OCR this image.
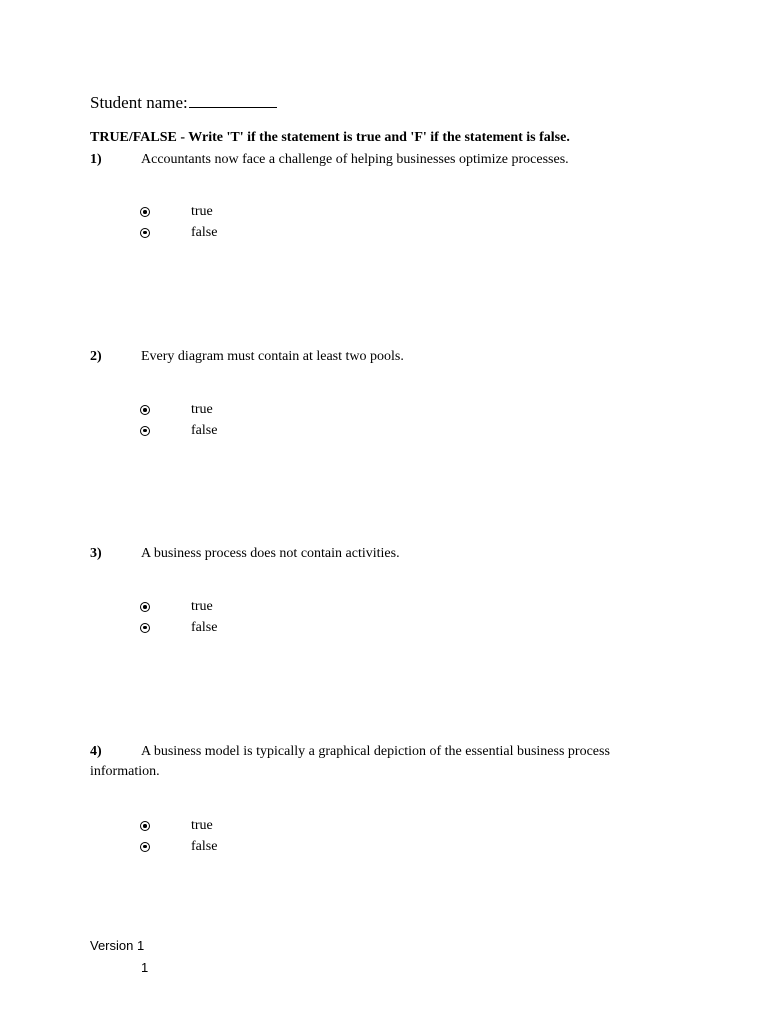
Student name:
TRUE/FALSE - Write 'T' if the statement is true and 'F' if the statement is false.
1)	Accountants now face a challenge of helping businesses optimize processes.
true
false
2)	Every diagram must contain at least two pools.
true
false
3)	A business process does not contain activities.
true
false
4)	A business model is typically a graphical depiction of the essential business process
information.
true
false
Version 1
1
